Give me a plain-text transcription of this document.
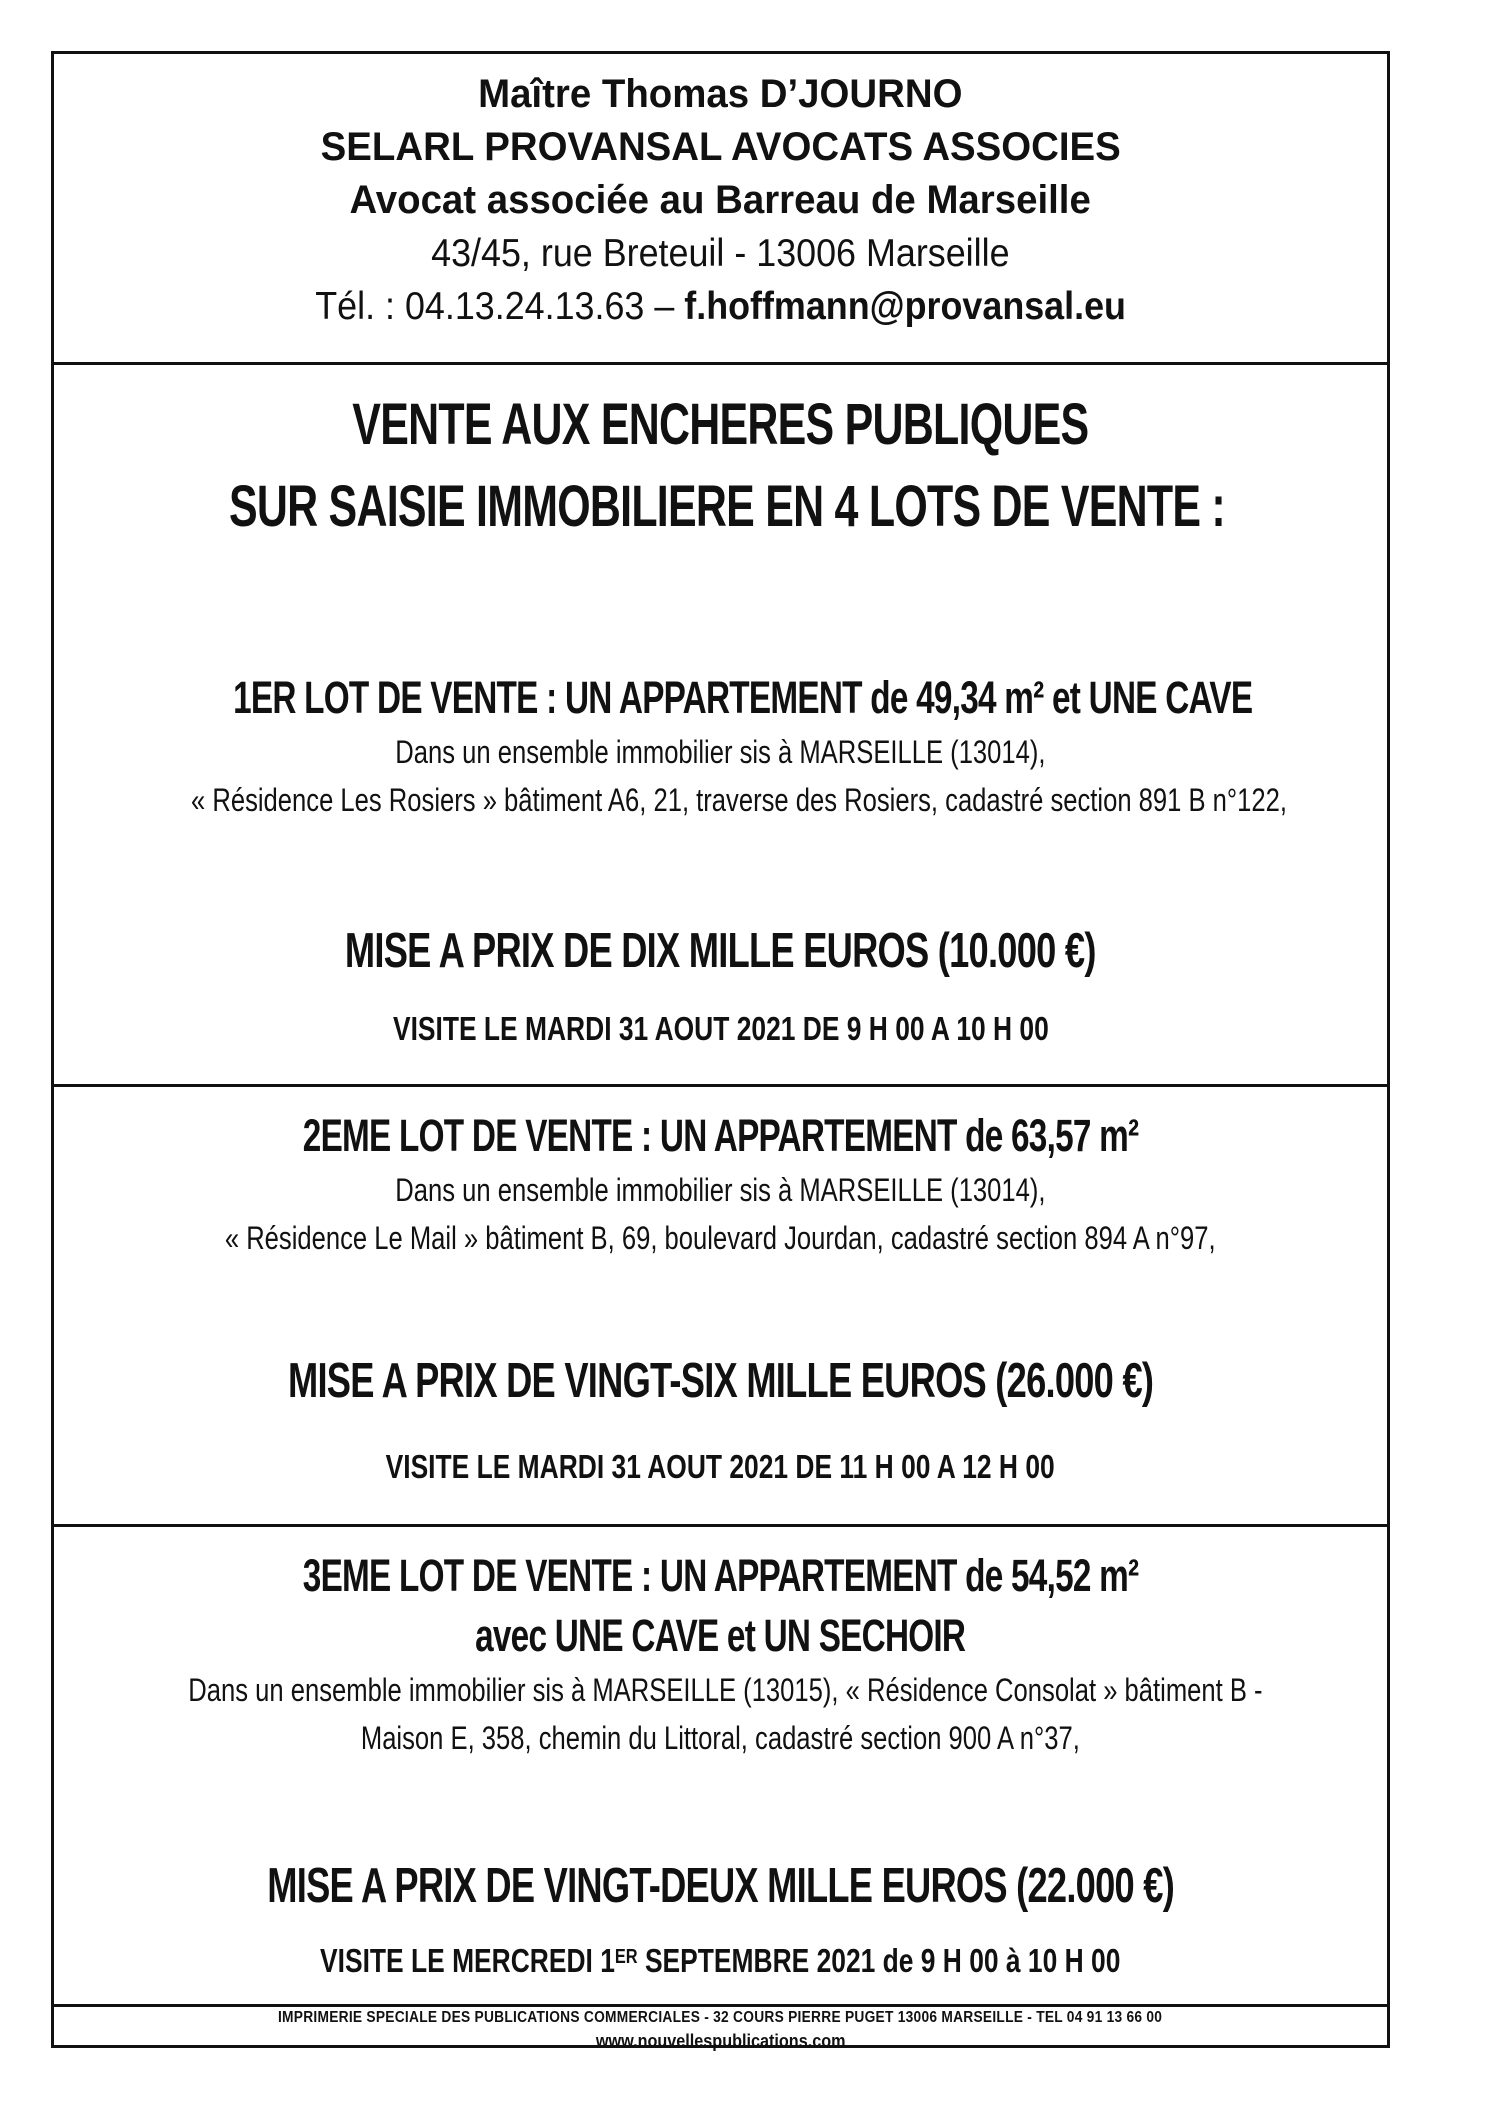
Maître Thomas D’JOURNO
SELARL PROVANSAL AVOCATS ASSOCIES
Avocat associée au Barreau de Marseille
43/45, rue Breteuil - 13006 Marseille
Tél. : 04.13.24.13.63 – f.hoffmann@provansal.eu
VENTE AUX ENCHERES PUBLIQUES
SUR SAISIE IMMOBILIERE EN 4 LOTS DE VENTE :
1ER LOT DE VENTE : UN APPARTEMENT de 49,34 m² et UNE CAVE
Dans un ensemble immobilier sis à MARSEILLE (13014),
« Résidence Les Rosiers » bâtiment A6, 21, traverse des Rosiers, cadastré section 891 B n°122,
MISE A PRIX DE DIX MILLE EUROS (10.000 €)
VISITE LE MARDI 31 AOUT 2021 DE 9 H 00 A 10 H 00
2EME LOT DE VENTE : UN APPARTEMENT de 63,57 m²
Dans un ensemble immobilier sis à MARSEILLE (13014),
« Résidence Le Mail » bâtiment B, 69, boulevard Jourdan, cadastré section 894 A n°97,
MISE A PRIX DE VINGT-SIX MILLE EUROS (26.000 €)
VISITE LE MARDI 31 AOUT 2021 DE 11 H 00 A 12 H 00
3EME LOT DE VENTE : UN APPARTEMENT de 54,52 m²
avec UNE CAVE et UN SECHOIR
Dans un ensemble immobilier sis à MARSEILLE (13015), « Résidence Consolat » bâtiment B -
Maison E, 358, chemin du Littoral, cadastré section 900 A n°37,
MISE A PRIX DE VINGT-DEUX MILLE EUROS (22.000 €)
VISITE LE MERCREDI 1ER SEPTEMBRE 2021 de 9 H 00 à 10 H 00
IMPRIMERIE SPECIALE DES PUBLICATIONS COMMERCIALES - 32 COURS PIERRE PUGET 13006 MARSEILLE - TEL 04 91 13 66 00
www.nouvellespublications.com
